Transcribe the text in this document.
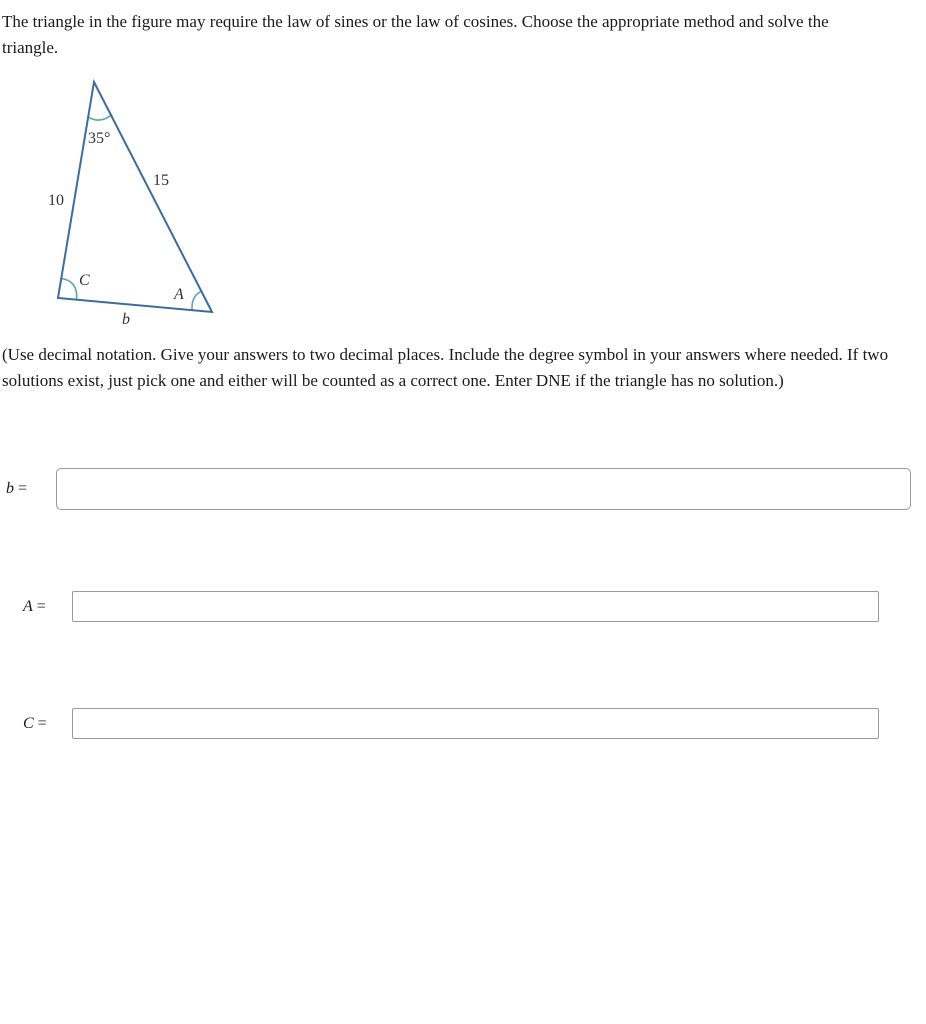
The triangle in the figure may require the law of sines or the law of cosines. Choose the appropriate method and solve the triangle.

35°
10
15
C
A
b

(Use decimal notation. Give your answers to two decimal places. Include the degree symbol in your answers where needed. If two solutions exist, just pick one and either will be counted as a correct one. Enter DNE if the triangle has no solution.)

b =
A =
C =
